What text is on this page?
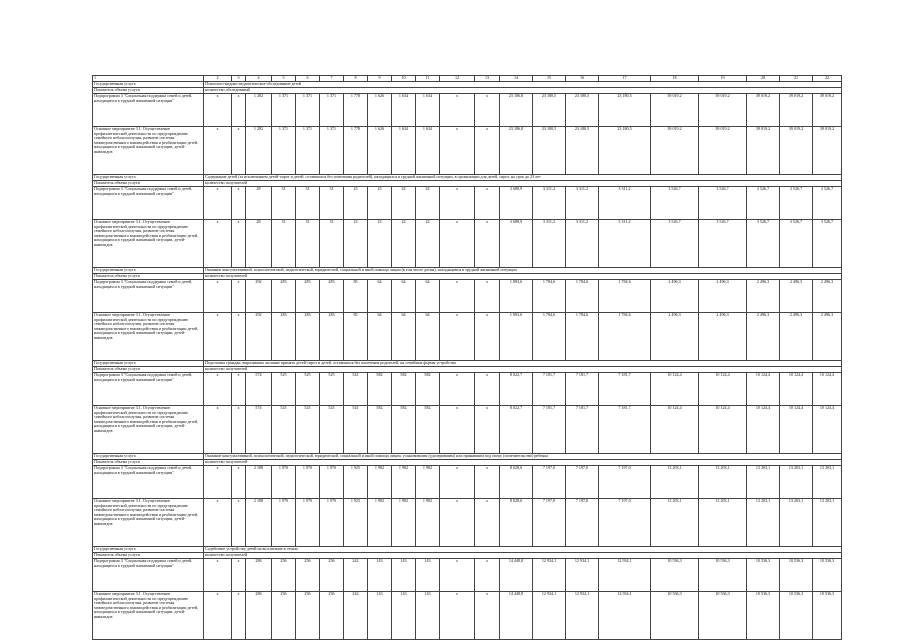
1	2	3	4	5	6	7	8	9	10	11	12	13	14	15	16	17	18	19	20	21	22
Государственная услуга	Психолого-медико-педагогическое обследование детей																				
Показатель объема услуги	количество обследований																				
Подпрограмма 3 "Социальная поддержка семей и детей, находящихся в трудной жизненной ситуации"	х	х	1 282	1 371	1 371	1 371	1 778	1 626	1 634	1 634	х	х	23 186,8	23 180,5	23 180,5	23 180,5	39 019,2	39 019,2	39 019,2	39 019,2	39 019,2
Основное мероприятие 3.1. Осуществление профилактической деятельности по предупреждению семейного неблагополучия, развитие системы межведомственного взаимодействия и реабилитации детей, находящихся в трудной жизненной ситуации, детей-инвалидов	х	х	1 282	1 371	1 371	1 371	1 778	1 626	1 634	1 634	х	х	23 186,8	23 180,5	23 180,5	23 180,5	39 019,2	39 019,2	39 019,2	39 019,2	39 019,2
Государственная услуга	Содержание детей (за исключением детей-сирот и детей, оставшихся без попечения родителей), находящихся в трудной жизненной ситуации, в организации для детей, сирот, на срок до 23 лет																				
Показатель объема услуги	количество получателей																				
Подпрограмма 3 "Социальная поддержка семей и детей, находящихся в трудной жизненной ситуации"	х	х	28	31	31	31	23	23	24	24	х	х	3 688,9	3 311,2	3 311,2	3 311,2	3 526,7	3 526,7	3 526,7	3 526,7	3 526,7
Основное мероприятие 3.1. Осуществление профилактической деятельности по предупреждению семейного неблагополучия, развитие системы межведомственного взаимодействия и реабилитации детей, находящихся в трудной жизненной ситуации, детей-инвалидов	х	х	28	31	31	31	23	23	24	24	х	х	3 688,9	3 311,2	3 311,2	3 311,2	3 526,7	3 526,7	3 526,7	3 526,7	3 526,7
Государственная услуга	Оказание консультативной, психологической, педагогической, юридической, социальной и иной помощи лицам (в том числе детям), находящимся в трудной жизненной ситуации																				
Показатель объема услуги	количество получателей																				
Подпрограмма 3 "Социальная поддержка семей и детей, находящихся в трудной жизненной ситуации"	х	х	292	283	283	283	85	64	64	64	х	х	1 893,6	1 784,6	1 784,6	1 784,6	2 496,3	2 496,3	2 496,3	2 496,3	2 496,3
Основное мероприятие 3.1. Осуществление профилактической деятельности по предупреждению семейного неблагополучия, развитие системы межведомственного взаимодействия и реабилитации детей, находящихся в трудной жизненной ситуации, детей-инвалидов	х	х	292	283	283	283	85	64	64	64	х	х	1 893,6	1 784,6	1 784,6	1 784,6	2 496,3	2 496,3	2 496,3	2 496,3	2 496,3
Государственная услуга	Подготовка граждан, выразивших желание принять детей-сирот и детей, оставшихся без попечения родителей, на семейные формы устройства																				
Показатель объема услуги	количество получателей																				
Подпрограмма 3 "Социальная поддержка семей и детей, находящихся в трудной жизненной ситуации"	х	х	574	525	525	525	541	582	582	582	х	х	8 022,7	7 181,7	7 181,7	7 181,7	10 124,4	10 124,4	10 124,4	10 124,4	10 124,4
Основное мероприятие 3.1. Осуществление профилактической деятельности по предупреждению семейного неблагополучия, развитие системы межведомственного взаимодействия и реабилитации детей, находящихся в трудной жизненной ситуации, детей-инвалидов	х	х	574	525	525	525	541	582	582	582	х	х	8 022,7	7 181,7	7 181,7	7 181,7	10 124,4	10 124,4	10 124,4	10 124,4	10 124,4
Государственная услуга	Оказание консультативной, психологической, педагогической, юридической, социальной и иной помощи лицам, усыновившим (удочерившим) или принявшим под опеку (попечительство) ребенка																				
Показатель объема услуги	количество получателей																				
Подпрограмма 3 "Социальная поддержка семей и детей, находящихся в трудной жизненной ситуации"	х	х	2 188	1 970	1 970	1 970	1 925	1 982	1 982	1 982	х	х	8 028,6	7 197,0	7 197,0	7 197,0	13 203,1	13 203,1	13 203,1	13 203,1	13 203,1
Основное мероприятие 3.1. Осуществление профилактической деятельности по предупреждению семейного неблагополучия, развитие системы межведомственного взаимодействия и реабилитации детей, находящихся в трудной жизненной ситуации, детей-инвалидов	х	х	2 188	1 970	1 970	1 970	1 925	1 982	1 982	1 982	х	х	8 028,6	7 197,0	7 197,0	7 197,0	13 203,1	13 203,1	13 203,1	13 203,1	13 203,1
Государственная услуга	Содействие устройству детей на воспитание в семью																				
Показатель объема услуги	количество получателей																				
Подпрограмма 3 "Социальная поддержка семей и детей, находящихся в трудной жизненной ситуации"	х	х	286	256	256	256	242	143	143	143	х	х	14 448,8	12 934,1	12 934,1	12 934,1	10 536,3	10 536,3	10 536,3	10 536,3	10 536,3
Основное мероприятие 3.1. Осуществление профилактической деятельности по предупреждению семейного неблагополучия, развитие системы межведомственного взаимодействия и реабилитации детей, находящихся в трудной жизненной ситуации, детей-инвалидов	х	х	286	256	256	256	242	143	143	143	х	х	14 448,8	12 934,1	12 934,1	12 934,1	10 536,3	10 536,3	10 536,3	10 536,3	10 536,3
